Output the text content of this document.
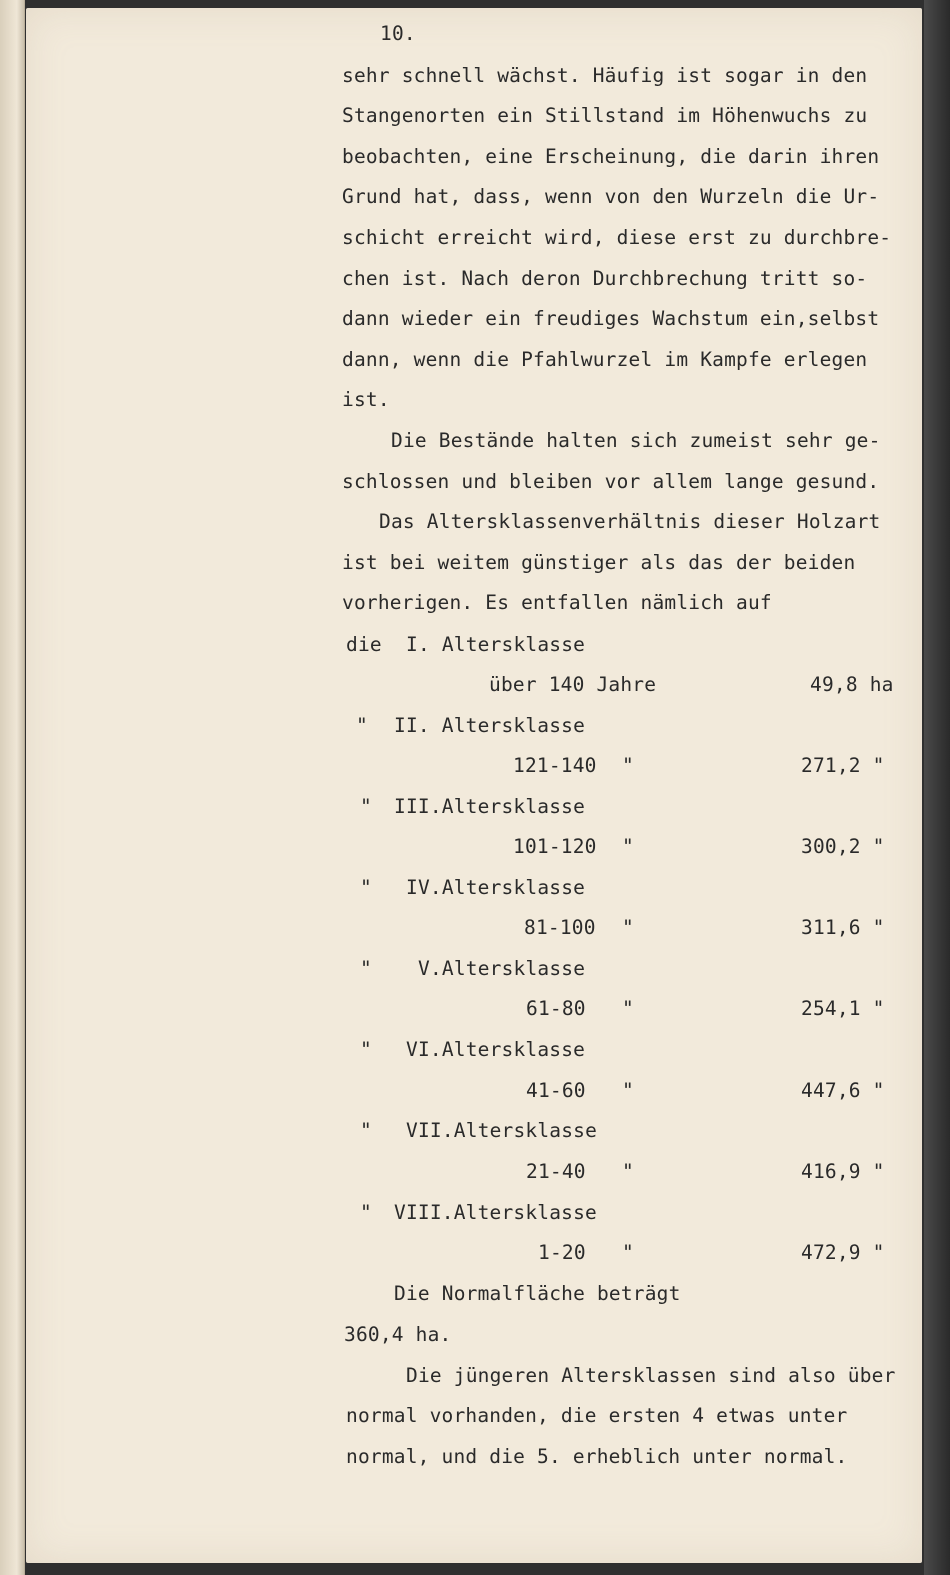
10.
sehr schnell wächst. Häufig ist sogar in den
Stangenorten ein Stillstand im Höhenwuchs zu
beobachten, eine Erscheinung, die darin ihren
Grund hat, dass, wenn von den Wurzeln die Ur-
schicht erreicht wird, diese erst zu durchbre-
chen ist. Nach deron Durchbrechung tritt so-
dann wieder ein freudiges Wachstum ein,selbst
dann, wenn die Pfahlwurzel im Kampfe erlegen
ist.
Die Bestände halten sich zumeist sehr ge-
schlossen und bleiben vor allem lange gesund.
Das Altersklassenverhältnis dieser Holzart
ist bei weitem günstiger als das der beiden
vorherigen. Es entfallen nämlich auf
die I. Altersklasse
über 140 Jahre	49,8 ha
" II. Altersklasse
121-140 "	271,2 "
" III.Altersklasse
101-120 "	300,2 "
" IV.Altersklasse
81-100 "	311,6 "
" V.Altersklasse
61-80 "	254,1 "
" VI.Altersklasse
41-60 "	447,6 "
" VII.Altersklasse
21-40 "	416,9 "
" VIII.Altersklasse
1-20 "	472,9 "
Die Normalfläche beträgt
360,4 ha.
Die jüngeren Altersklassen sind also über
normal vorhanden, die ersten 4 etwas unter
normal, und die 5. erheblich unter normal.
